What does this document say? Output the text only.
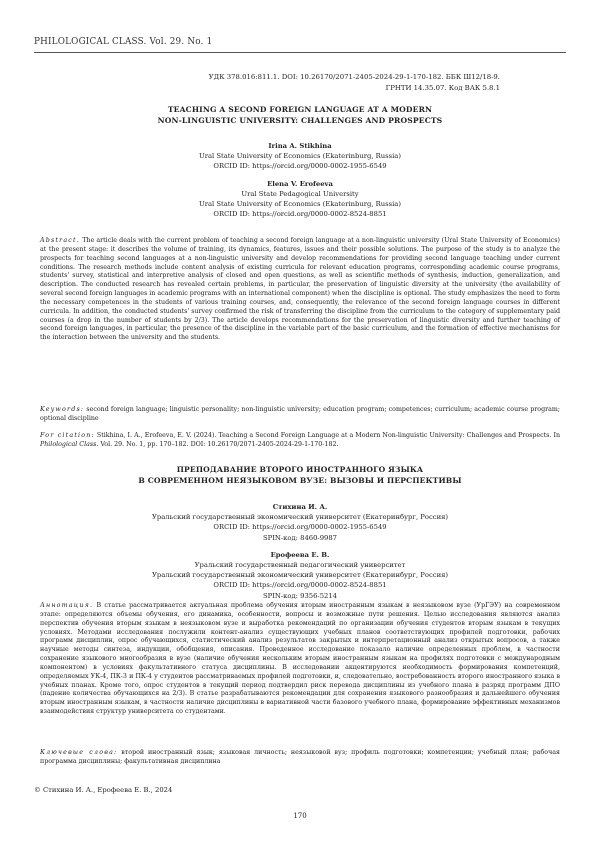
PHILOLOGICAL CLASS. Vol. 29. No. 1
УДК 378.016:811.1. DOI: 10.26170/2071-2405-2024-29-1-170-182. ББК Ш12/18-9.
ГРНТИ 14.35.07. Код ВАК 5.8.1
TEACHING A SECOND FOREIGN LANGUAGE AT A MODERN
NON-LINGUISTIC UNIVERSITY: CHALLENGES AND PROSPECTS
Irina A. Stikhina
Ural State University of Economics (Ekaterinburg, Russia)
ORCID ID: https://orcid.org/0000-0002-1955-6549
Elena V. Erofeeva
Ural State Pedagogical University
Ural State University of Economics (Ekaterinburg, Russia)
ORCID ID: https://orcid.org/0000-0002-8524-8851
Abstract. The article deals with the current problem of teaching a second foreign language at a non-linguistic university (Ural State University of Economics) at the present stage: it describes the volume of training, its dynamics, features, issues and their possible solutions. The purpose of the study is to analyze the prospects for teaching second languages at a non-linguistic university and develop recommendations for providing second language teaching under current conditions. The research methods include content analysis of existing curricula for relevant education programs, corresponding academic course programs, students' survey, statistical and interpretive analysis of closed and open questions, as well as scientific methods of synthesis, induction, generalization, and description. The conducted research has revealed certain problems, in particular, the preservation of linguistic diversity at the university (the availability of several second foreign languages in academic programs with an international component) when the discipline is optional. The study emphasizes the need to form the necessary competences in the students of various training courses, and, consequently, the relevance of the second foreign language courses in different curricula. In addition, the conducted students' survey confirmed the risk of transferring the discipline from the curriculum to the category of supplementary paid courses (a drop in the number of students by 2/3). The article develops recommendations for the preservation of linguistic diversity and further teaching of second foreign languages, in particular, the presence of the discipline in the variable part of the basic curriculum, and the formation of effective mechanisms for the interaction between the university and the students.
Keywords: second foreign language; linguistic personality; non-linguistic university; education program; competences; curriculum; academic course program; optional discipline
For citation: Stikhina, I. A., Erofeeva, E. V. (2024). Teaching a Second Foreign Language at a Modern Non-linguistic University: Challenges and Prospects. In Philological Class. Vol. 29. No. 1, pp. 170–182. DOI: 10.26170/2071-2405-2024-29-1-170-182.
ПРЕПОДАВАНИЕ ВТОРОГО ИНОСТРАННОГО ЯЗЫКА
В СОВРЕМЕННОМ НЕЯЗЫКОВОМ ВУЗЕ: ВЫЗОВЫ И ПЕРСПЕКТИВЫ
Стихина И. А.
Уральский государственный экономический университет (Екатеринбург, Россия)
ORCID ID: https://orcid.org/0000-0002-1955-6549
SPIN-код: 8460-9987
Ерофеева Е. В.
Уральский государственный педагогический университет
Уральский государственный экономический университет (Екатеринбург, Россия)
ORCID ID: https://orcid.org/0000-0002-8524-8851
SPIN-код: 9356-5214
Аннотация. В статье рассматривается актуальная проблема обучения вторым иностранным языкам в неязыковом вузе (УрГЭУ) на современном этапе: определяются объемы обучения, его динамика, особенности, вопросы и возможные пути решения. Целью исследования являются анализ перспектив обучения вторым языкам в неязыковом вузе и выработка рекомендаций по организации обучения студентов вторым языкам в текущих условиях. Методами исследования послужили контент-анализ существующих учебных планов соответствующих профилей подготовки, рабочих программ дисциплин, опрос обучающихся, статистический анализ результатов закрытых и интерпретационный анализ открытых вопросов, а также научные методы синтеза, индукции, обобщения, описания. Проведенное исследование показало наличие определенных проблем, в частности сохранение языкового многообразия в вузе (наличие обучения нескольким вторым иностранным языкам на профилях подготовки с международным компонентом) в условиях факультативного статуса дисциплины. В исследовании акцентируются необходимость формирования компетенций, определяемых УК-4, ПК-3 и ПК-4 у студентов рассматриваемых профилей подготовки, и, следовательно, востребованность второго иностранного языка в учебных планах. Кроме того, опрос студентов в текущий период подтвердил риск перевода дисциплины из учебного плана в разряд программ ДПО (падение количества обучающихся на 2/3). В статье разрабатываются рекомендации для сохранения языкового разнообразия и дальнейшего обучения вторым иностранным языкам, в частности наличие дисциплины в вариативной части базового учебного плана, формирование эффективных механизмов взаимодействия структур университета со студентами.
Ключевые слова: второй иностранный язык; языковая личность; неязыковой вуз; профиль подготовки; компетенции; учебный план; рабочая программа дисциплины; факультативная дисциплина
© Стихина И. А., Ерофеева Е. В., 2024
170
